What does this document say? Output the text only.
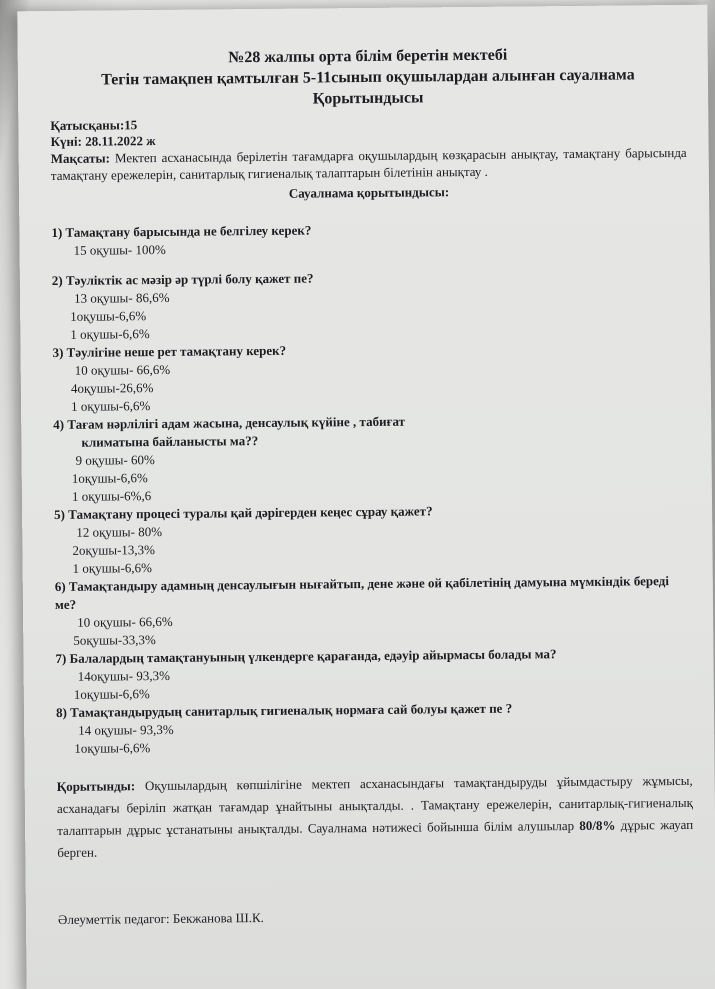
№28 жалпы орта білім беретін мектебі
Тегін тамақпен қамтылған 5-11сынып оқушылардан алынған сауалнама
Қорытындысы
Қатысқаны:15
Күні: 28.11.2022 ж
Мақсаты: Мектеп асханасында берілетін тағамдарға оқушылардың көзқарасын анықтау, тамақтану барысында тамақтану ережелерін, санитарлық гигиеналық талаптарын білетінін анықтау .
Сауалнама қорытындысы:
1) Тамақтану барысында не белгілеу керек?
15 оқушы- 100%
2) Тәуліктік ас мәзір әр түрлі болу қажет пе?
13 оқушы- 86,6%
1оқушы-6,6%
1 оқушы-6,6%
3) Тәулігіне неше рет тамақтану керек?
10 оқушы- 66,6%
4оқушы-26,6%
1 оқушы-6,6%
4) Тағам нәрлілігі адам жасына, денсаулық күйіне , табиғат
климатына байланысты ма??
9 оқушы- 60%
1оқушы-6,6%
1 оқушы-6%,6
5) Тамақтану процесі туралы қай дәрігерден кеңес сұрау қажет?
12 оқушы- 80%
2оқушы-13,3%
1 оқушы-6,6%
6) Тамақтандыру адамның денсаулығын нығайтып, дене және ой қабілетінің дамуына мүмкіндік береді ме?
10 оқушы- 66,6%
5оқушы-33,3%
7) Балалардың тамақтануының үлкендерге қарағанда, едәуір айырмасы болады ма?
14оқушы- 93,3%
1оқушы-6,6%
8) Тамақтандырудың санитарлық гигиеналық нормаға сай болуы қажет пе ?
14 оқушы- 93,3%
1оқушы-6,6%
Қорытынды: Оқушылардың көпшілігіне мектеп асханасындағы тамақтандыруды ұйымдастыру жұмысы, асханадағы беріліп жатқан тағамдар ұнайтыны анықталды. . Тамақтану ережелерін, санитарлық-гигиеналық талаптарын дұрыс ұстанатыны анықталды. Сауалнама нәтижесі бойынша білім алушылар 80/8% дұрыс жауап берген.
Әлеуметтік педагог: Бекжанова Ш.К.
